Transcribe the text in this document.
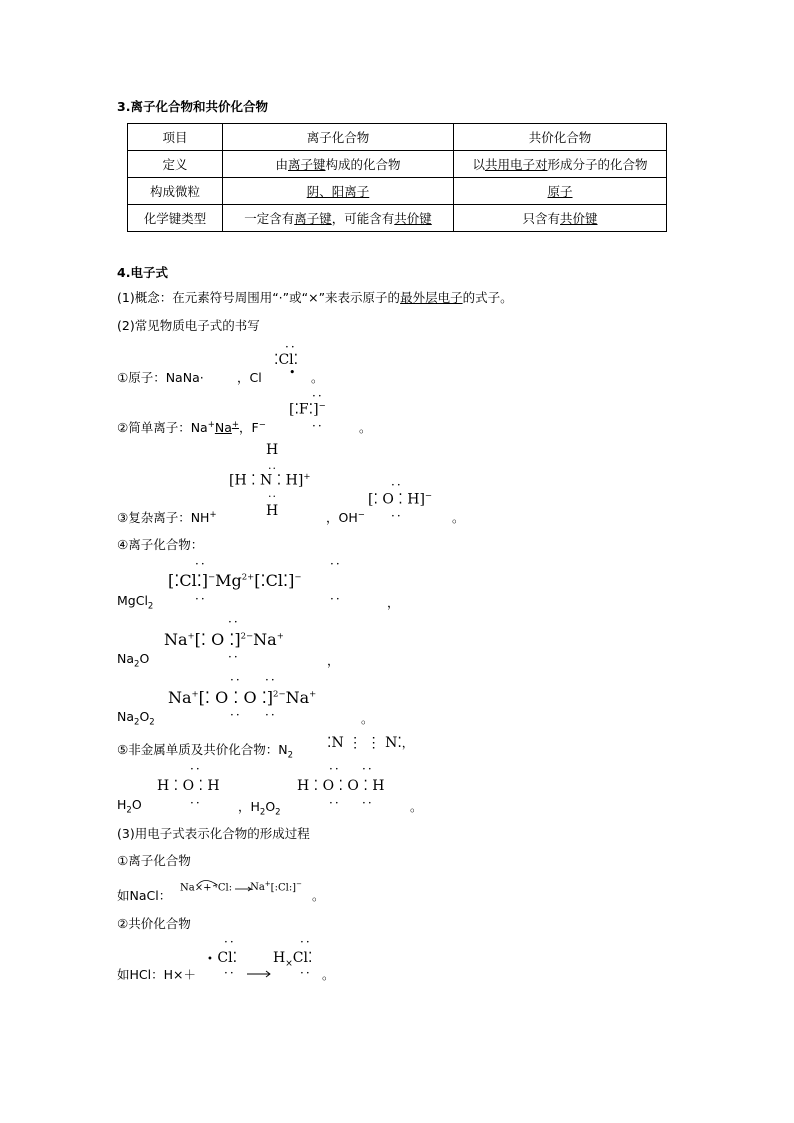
3.离子化合物和共价化合物
项目	离子化合物	共价化合物
定义	由离子键构成的化合物	以共用电子对形成分子的化合物
构成微粒	阴、阳离子	原子
化学键类型	一定含有离子键，可能含有共价键	只含有共价键
4.电子式
(1)概念：在元素符号周围用“·”或“×”来表示原子的最外层电子的式子。
(2)常见物质电子式的书写
①原子：NaNa·	，Cl
··
⁚Cl⁚
• 。
②简单离子：Na+Na+，F−
··
[⁚F⁚]−
··	。
H
[H ⁚ N ⁚ H]+
··
··
H
③复杂离子：NH+	，OH−
··
[⁚ O ⁚ H]−
··	。
④离子化合物：
··	··
$[⁚Cl⁚]^-Mg^{2+}[⁚Cl⁚]^-$
··	··
MgCl$_2$	，
··
Na+[⁚ O ⁚]$^{2-}$Na+
··
$Na_2O$	，
·· ··
Na+[⁚ O ⁚ O ⁚]$^{2-}$Na+
·· ··
$Na_2O_2$	。
⑤非金属单质及共价化合物：$N_2$
⁚N ⋮ ⋮ N⁚，
··
H ⁚ O ⁚ H
··
$H_2O$	，$H_2O_2$
·· ··
H ⁚ O ⁚ O ⁚ H
·· ··	。
(3)用电子式表示化合物的形成过程
①离子化合物
如NaCl：
Na×+ ·Cl: Na+[:Cl:]−
。
②共价化合物
··	··
如HCl：H×＋
• Cl⁚
·· →
$H_\times Cl⁚$
·· 。
